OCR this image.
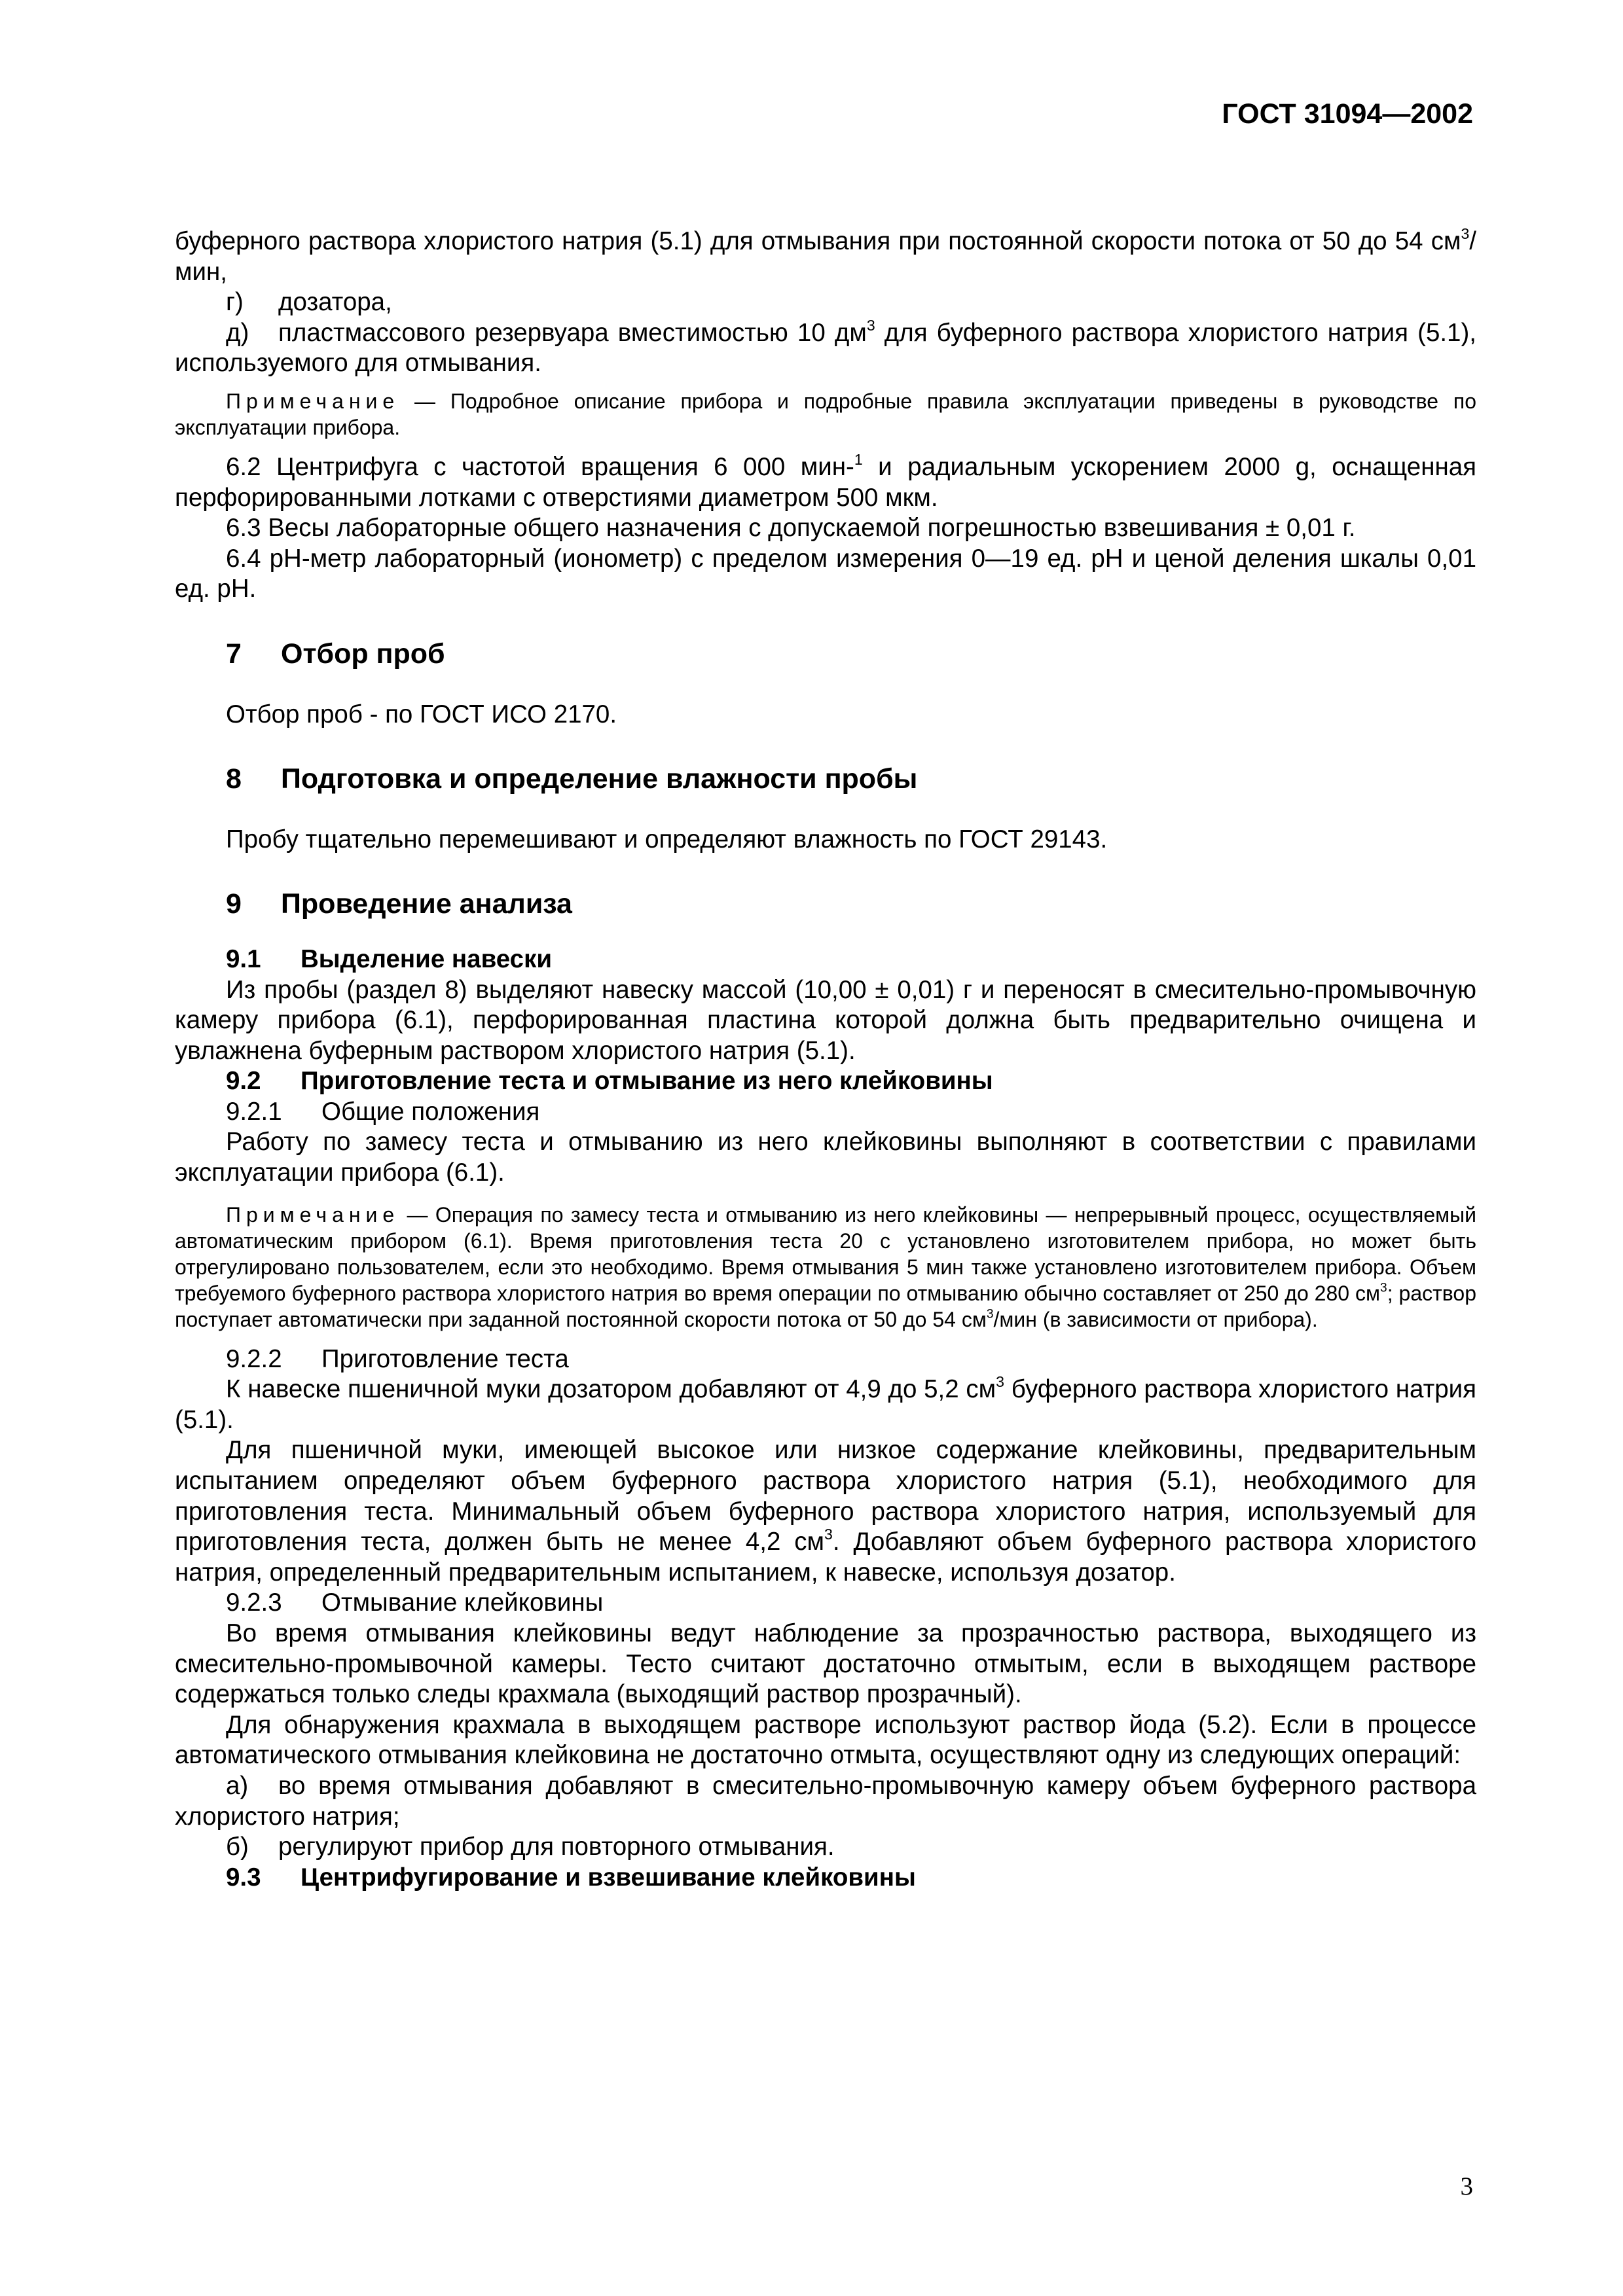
ГОСТ 31094—2002

буферного раствора хлористого натрия (5.1) для отмывания при постоянной скорости потока от 50 до 54 $см^3$/мин,

г) дозатора,

д) пластмассового резервуара вместимостью 10 $дм^3$ для буферного раствора хлористого натрия (5.1), используемого для отмывания.

Примечание — Подробное описание прибора и подробные правила эксплуатации приведены в руководстве по эксплуатации прибора.

6.2 Центрифуга с частотой вращения 6 000 мин-$^1$ и радиальным ускорением 2000 g, оснащенная перфорированными лотками с отверстиями диаметром 500 мкм.

6.3 Весы лабораторные общего назначения с допускаемой погрешностью взвешивания ± 0,01 г.

6.4 рН-метр лабораторный (ионометр) с пределом измерения 0—19 ед. рН и ценой деления шкалы 0,01 ед. рН.

7 Отбор проб

Отбор проб - по ГОСТ ИСО 2170.

8 Подготовка и определение влажности пробы

Пробу тщательно перемешивают и определяют влажность по ГОСТ 29143.

9 Проведение анализа

9.1 Выделение навески

Из пробы (раздел 8) выделяют навеску массой (10,00 ± 0,01) г и переносят в смесительно-промывочную камеру прибора (6.1), перфорированная пластина которой должна быть предварительно очищена и увлажнена буферным раствором хлористого натрия (5.1).

9.2 Приготовление теста и отмывание из него клейковины

9.2.1 Общие положения

Работу по замесу теста и отмыванию из него клейковины выполняют в соответствии с правилами эксплуатации прибора (6.1).

Примечание — Операция по замесу теста и отмыванию из него клейковины — непрерывный процесс, осуществляемый автоматическим прибором (6.1). Время приготовления теста 20 с установлено изготовителем прибора, но может быть отрегулировано пользователем, если это необходимо. Время отмывания 5 мин также установлено изготовителем прибора. Объем требуемого буферного раствора хлористого натрия во время операции по отмыванию обычно составляет от 250 до 280 $см^3$; раствор поступает автоматически при заданной постоянной скорости потока от 50 до 54 $см^3$/мин (в зависимости от прибора).

9.2.2 Приготовление теста

К навеске пшеничной муки дозатором добавляют от 4,9 до 5,2 $см^3$ буферного раствора хлористого натрия (5.1).

Для пшеничной муки, имеющей высокое или низкое содержание клейковины, предварительным испытанием определяют объем буферного раствора хлористого натрия (5.1), необходимого для приготовления теста. Минимальный объем буферного раствора хлористого натрия, используемый для приготовления теста, должен быть не менее 4,2 $см^3$. Добавляют объем буферного раствора хлористого натрия, определенный предварительным испытанием, к навеске, используя дозатор.

9.2.3 Отмывание клейковины

Во время отмывания клейковины ведут наблюдение за прозрачностью раствора, выходящего из смесительно-промывочной камеры. Тесто считают достаточно отмытым, если в выходящем растворе содержаться только следы крахмала (выходящий раствор прозрачный).

Для обнаружения крахмала в выходящем растворе используют раствор йода (5.2). Если в процессе автоматического отмывания клейковина не достаточно отмыта, осуществляют одну из следующих операций:

а) во время отмывания добавляют в смесительно-промывочную камеру объем буферного раствора хлористого натрия;

б) регулируют прибор для повторного отмывания.

9.3 Центрифугирование и взвешивание клейковины

3
